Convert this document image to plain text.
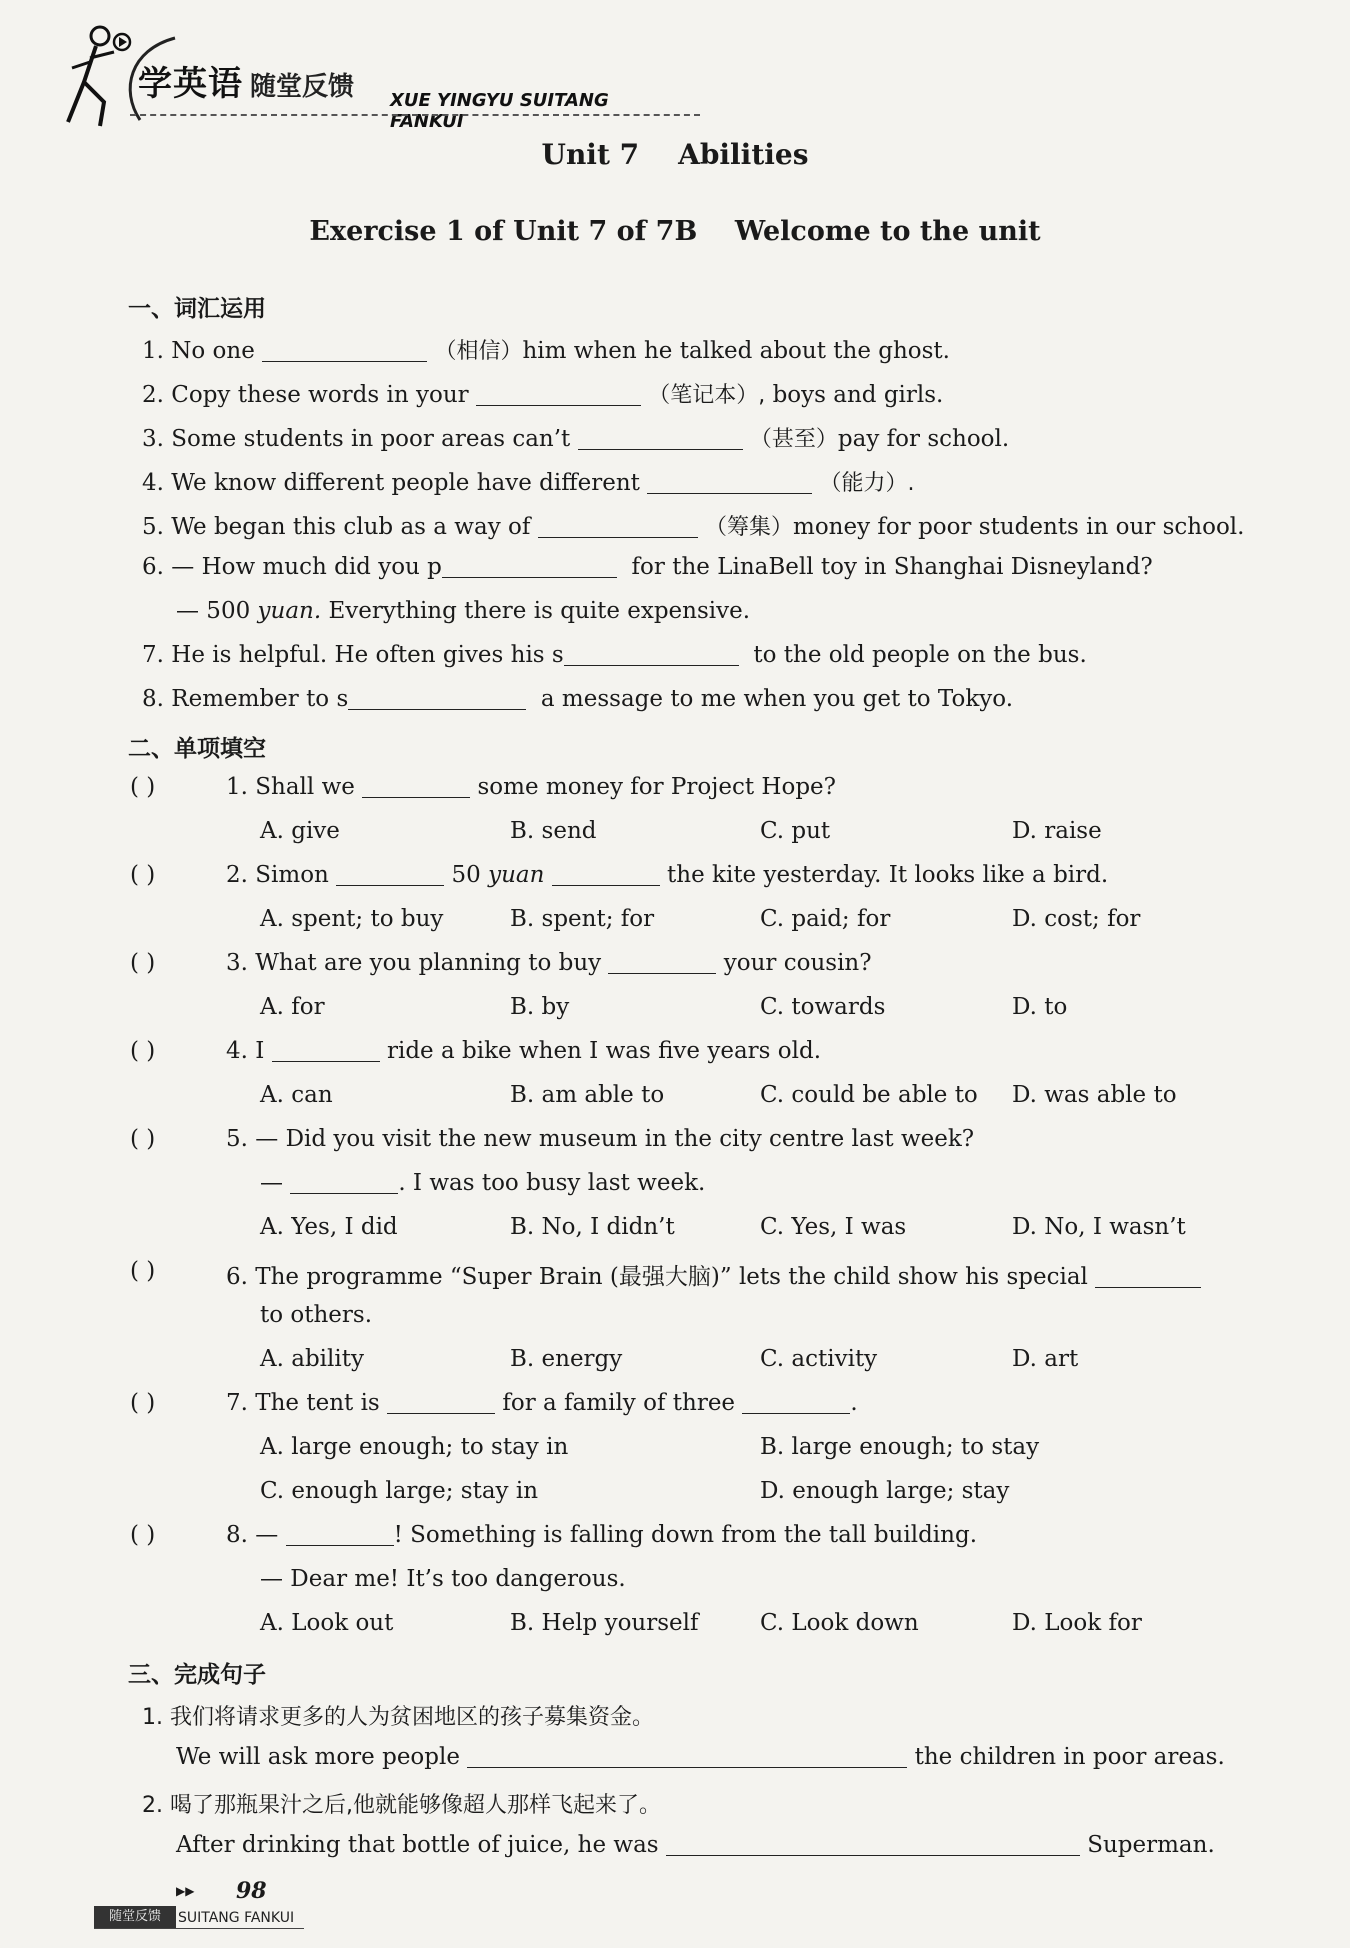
学英语 随堂反馈 XUE YINGYU SUITANG FANKUI
Unit 7    Abilities
Exercise 1 of Unit 7 of 7B    Welcome to the unit
一、词汇运用
1. No one	（相信）him when he talked about the ghost.
2. Copy these words in your	（笔记本）, boys and girls.
3. Some students in poor areas can’t	（甚至）pay for school.
4. We know different people have different	（能力）.
5. We began this club as a way of	（筹集）money for poor students in our school.
6. — How much did you p	for the LinaBell toy in Shanghai Disneyland?
— 500 yuan. Everything there is quite expensive.
7. He is helpful. He often gives his s	to the old people on the bus.
8. Remember to s	a message to me when you get to Tokyo.
二、单项填空
( )	1. Shall we	some money for Project Hope?
A. give	B. send	C. put	D. raise
( )	2. Simon	50 yuan	the kite yesterday. It looks like a bird.
A. spent; to buy	B. spent; for	C. paid; for	D. cost; for
( )	3. What are you planning to buy	your cousin?
A. for	B. by	C. towards	D. to
( )	4. I	ride a bike when I was five years old.
A. can	B. am able to	C. could be able to D. was able to
( )	5. — Did you visit the new museum in the city centre last week?
—	. I was too busy last week.
A. Yes, I did	B. No, I didn’t	C. Yes, I was	D. No, I wasn’t
( )	6. The programme “Super Brain (最强大脑)” lets the child show his special
to others.
A. ability	B. energy	C. activity	D. art
( )	7. The tent is	for a family of three	.
A. large enough; to stay in	B. large enough; to stay
C. enough large; stay in	D. enough large; stay
( )	8. —	! Something is falling down from the tall building.
— Dear me! It’s too dangerous.
A. Look out	B. Help yourself	C. Look down	D. Look for
三、完成句子
1. 我们将请求更多的人为贫困地区的孩子募集资金。
We will ask more people	the children in poor areas.
2. 喝了那瓶果汁之后,他就能够像超人那样飞起来了。
After drinking that bottle of juice, he was	Superman.
▶▶ 98
随堂反馈	SUITANG FANKUI
